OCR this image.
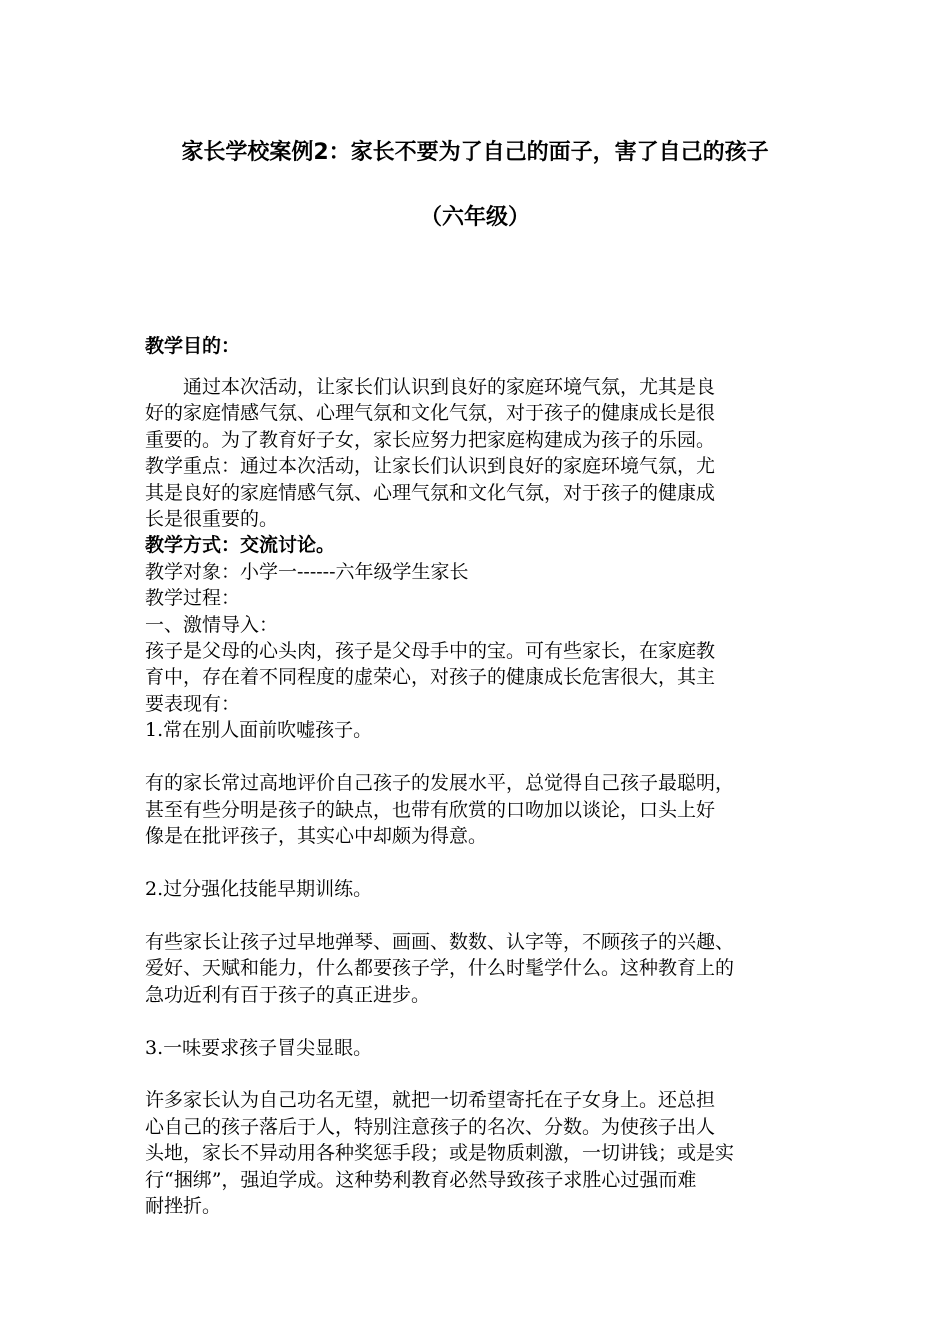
家长学校案例2：家长不要为了自己的面子，害了自己的孩子
（六年级）
教学目的：

　　通过本次活动，让家长们认识到良好的家庭环境气氛，尤其是良

好的家庭情感气氛、心理气氛和文化气氛，对于孩子的健康成长是很

重要的。为了教育好子女，家长应努力把家庭构建成为孩子的乐园。

教学重点：通过本次活动，让家长们认识到良好的家庭环境气氛，尤

其是良好的家庭情感气氛、心理气氛和文化气氛，对于孩子的健康成

长是很重要的。

教学方式：交流讨论。

教学对象：小学一------六年级学生家长

教学过程：

一、激情导入：

孩子是父母的心头肉，孩子是父母手中的宝。可有些家长，在家庭教

育中，存在着不同程度的虚荣心，对孩子的健康成长危害很大，其主

要表现有：

1.常在别人面前吹嘘孩子。

有的家长常过高地评价自己孩子的发展水平，总觉得自己孩子最聪明，

甚至有些分明是孩子的缺点，也带有欣赏的口吻加以谈论，口头上好

像是在批评孩子，其实心中却颇为得意。

2.过分强化技能早期训练。

有些家长让孩子过早地弹琴、画画、数数、认字等，不顾孩子的兴趣、

爱好、天赋和能力，什么都要孩子学，什么时髦学什么。这种教育上的

急功近利有百于孩子的真正进步。

3.一味要求孩子冒尖显眼。

许多家长认为自己功名无望，就把一切希望寄托在子女身上。还总担

心自己的孩子落后于人，特别注意孩子的名次、分数。为使孩子出人

头地，家长不异动用各种奖惩手段；或是物质刺激，一切讲钱；或是实

行“捆绑”，强迫学成。这种势利教育必然导致孩子求胜心过强而难

耐挫折。
